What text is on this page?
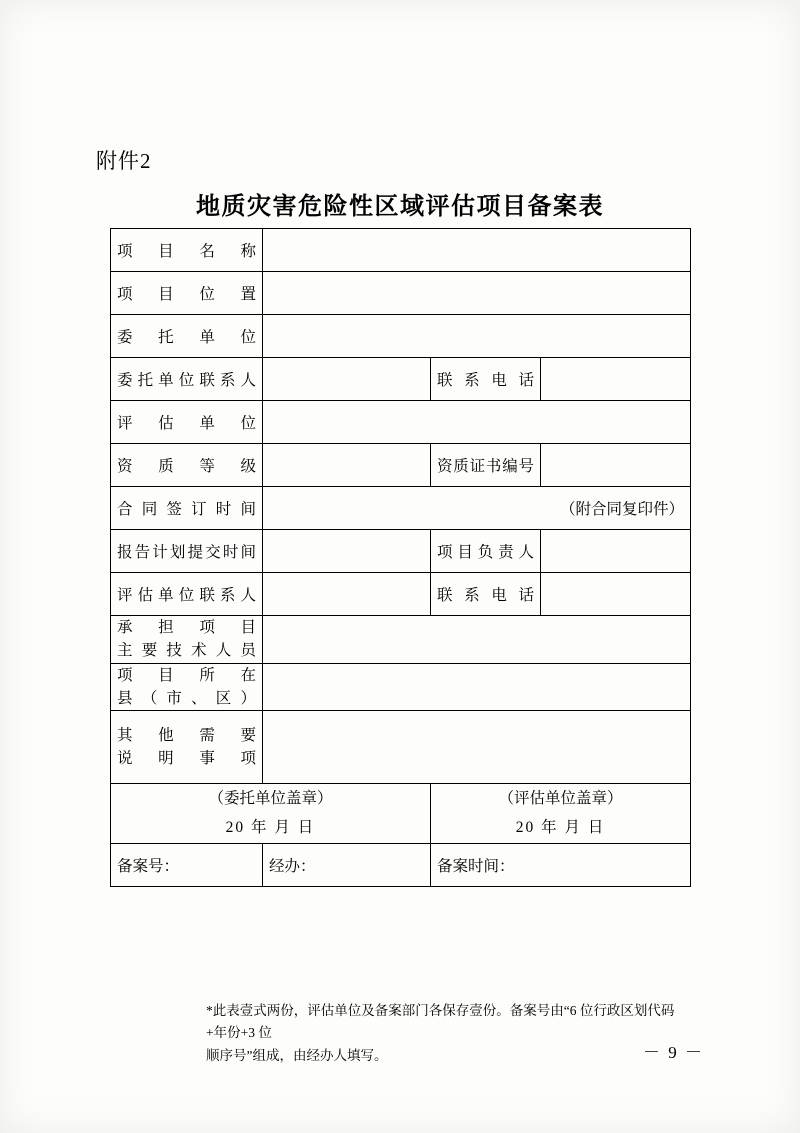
附件2
地质灾害危险性区域评估项目备案表
项 目 名 称			
项 目 位 置			
委 托 单 位			
委托单位联系人		联 系 电 话	
评 估 单 位			
资 质 等 级		资质证书编号	
合 同 签 订 时 间	（附合同复印件）		
报告计划提交时间		项 目 负 责 人	
评估单位联系人		联 系 电 话	

承 担 项 目
主 要 技 术 人 员			

项 目 所 在
县 （ 市 、 区 ）			

其 他 需 要
说 明 事 项			

（委托单位盖章）
20 年 月 日

（评估单位盖章）
20 年 月 日

备案号：	经办：	备案时间：	
*此表壹式两份，评估单位及备案部门各保存壹份。备案号由“6 位行政区划代码+年份+3 位
顺序号”组成，由经办人填写。	－ 9 －
